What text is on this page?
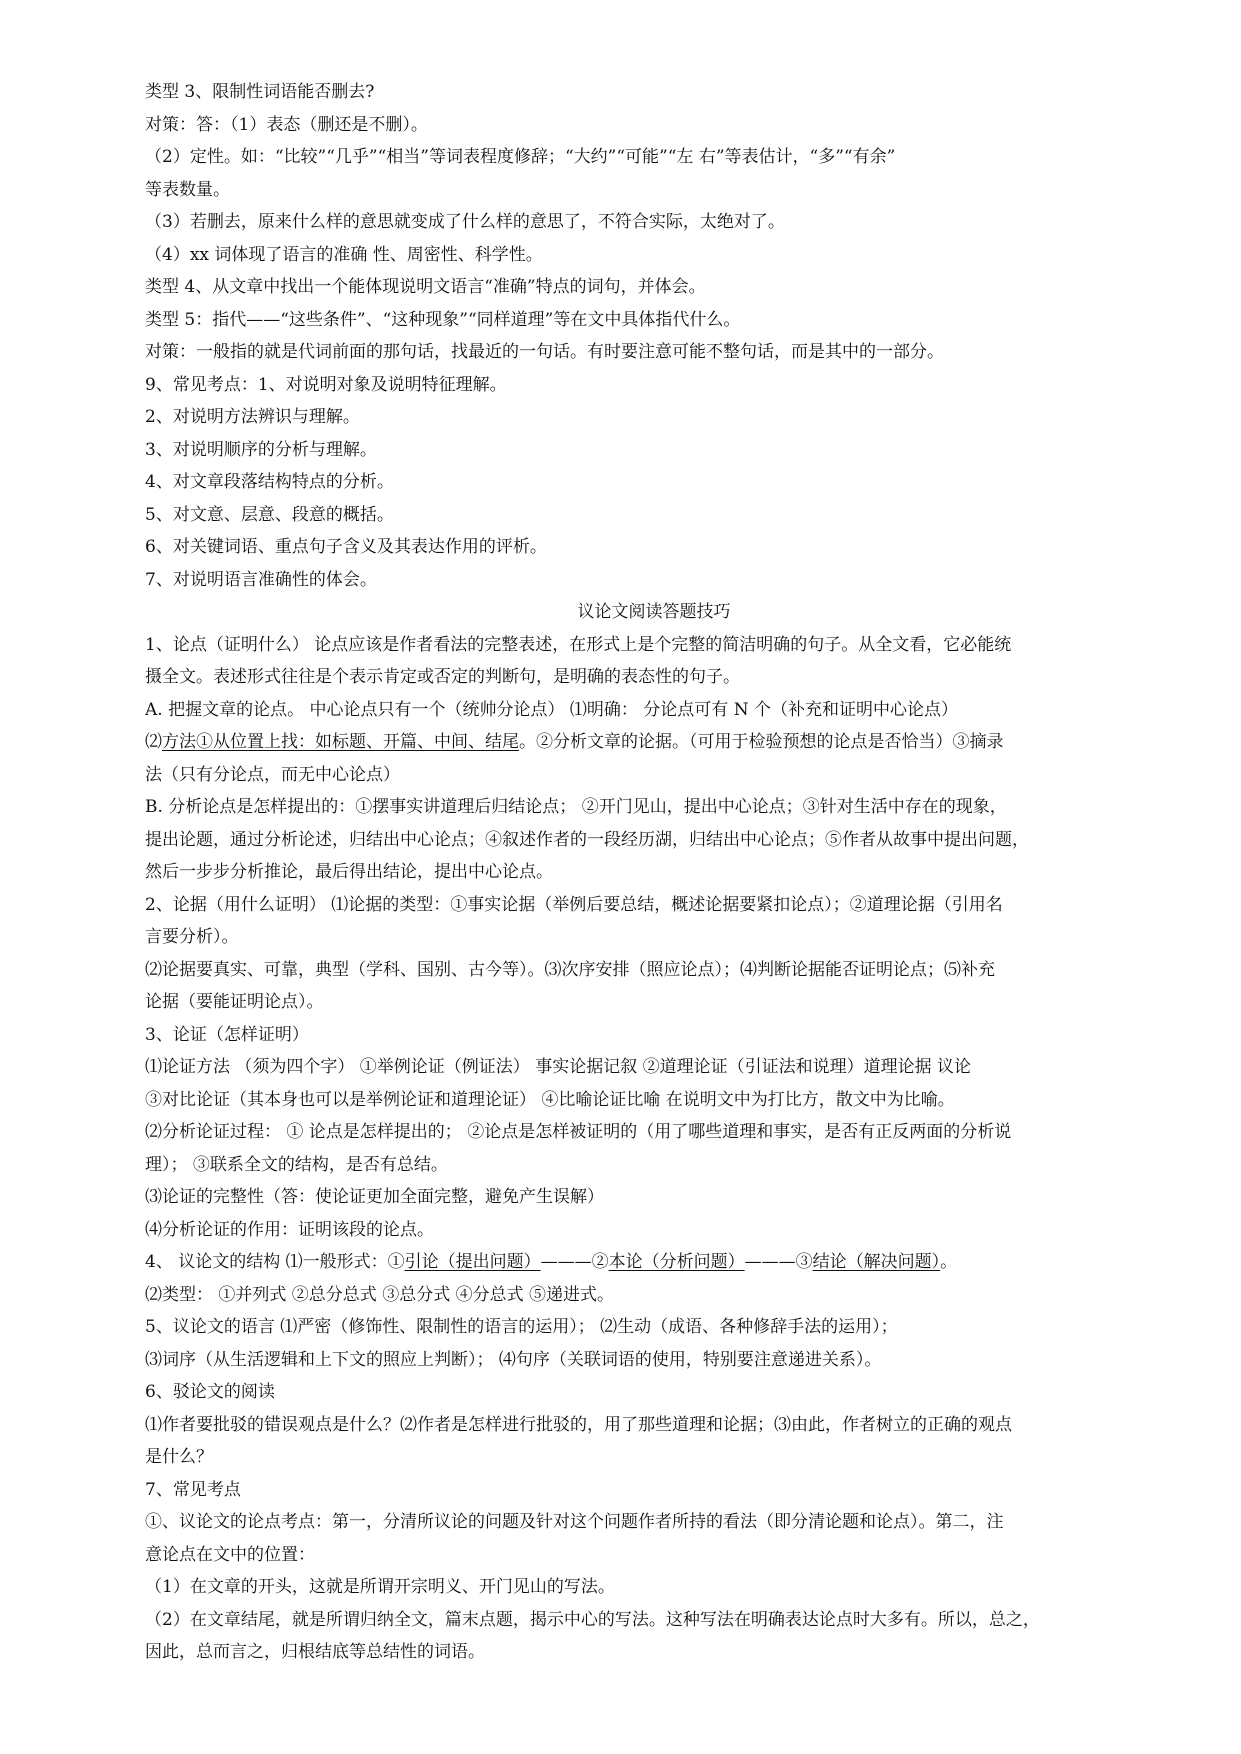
类型 3、限制性词语能否删去?
对策：答：（1）表态（删还是不删）。
（2）定性。如：“比较”“几乎”“相当”等词表程度修辞；“大约”“可能”“左 右”等表估计，“多”“有余”
等表数量。
（3）若删去，原来什么样的意思就变成了什么样的意思了，不符合实际，太绝对了。
（4）xx 词体现了语言的准确 性、周密性、科学性。
类型 4、从文章中找出一个能体现说明文语言“准确”特点的词句，并体会。
类型 5：指代——“这些条件”、“这种现象”“同样道理”等在文中具体指代什么。
对策：一般指的就是代词前面的那句话，找最近的一句话。有时要注意可能不整句话，而是其中的一部分。
9、常见考点：1、对说明对象及说明特征理解。
2、对说明方法辨识与理解。
3、对说明顺序的分析与理解。
4、对文章段落结构特点的分析。
5、对文意、层意、段意的概括。
6、对关键词语、重点句子含义及其表达作用的评析。
7、对说明语言准确性的体会。
议论文阅读答题技巧
1、论点（证明什么） 论点应该是作者看法的完整表述，在形式上是个完整的简洁明确的句子。从全文看，它必能统
摄全文。表述形式往往是个表示肯定或否定的判断句，是明确的表态性的句子。
A. 把握文章的论点。 中心论点只有一个（统帅分论点） ⑴明确： 分论点可有 N 个（补充和证明中心论点）
⑵方法①从位置上找：如标题、开篇、中间、结尾。②分析文章的论据。（可用于检验预想的论点是否恰当）③摘录
法（只有分论点，而无中心论点）
B. 分析论点是怎样提出的：①摆事实讲道理后归结论点； ②开门见山，提出中心论点；③针对生活中存在的现象，
提出论题，通过分析论述，归结出中心论点；④叙述作者的一段经历湖，归结出中心论点；⑤作者从故事中提出问题，
然后一步步分析推论，最后得出结论，提出中心论点。
2、论据（用什么证明） ⑴论据的类型：①事实论据（举例后要总结，概述论据要紧扣论点）；②道理论据（引用名
言要分析）。
⑵论据要真实、可靠，典型（学科、国别、古今等）。⑶次序安排（照应论点）；⑷判断论据能否证明论点；⑸补充
论据（要能证明论点）。
3、论证（怎样证明）
⑴论证方法 （须为四个字） ①举例论证（例证法） 事实论据记叙 ②道理论证（引证法和说理）道理论据 议论
③对比论证（其本身也可以是举例论证和道理论证） ④比喻论证比喻 在说明文中为打比方，散文中为比喻。
⑵分析论证过程： ① 论点是怎样提出的； ②论点是怎样被证明的（用了哪些道理和事实，是否有正反两面的分析说
理）； ③联系全文的结构，是否有总结。
⑶论证的完整性（答：使论证更加全面完整，避免产生误解）
⑷分析论证的作用：证明该段的论点。
4、 议论文的结构 ⑴一般形式：①引论（提出问题）———②本论（分析问题）———③结论（解决问题）。
⑵类型： ①并列式 ②总分总式 ③总分式 ④分总式 ⑤递进式。
5、议论文的语言 ⑴严密（修饰性、限制性的语言的运用）； ⑵生动（成语、各种修辞手法的运用）；
⑶词序（从生活逻辑和上下文的照应上判断）； ⑷句序（关联词语的使用，特别要注意递进关系）。
6、驳论文的阅读
⑴作者要批驳的错误观点是什么？⑵作者是怎样进行批驳的，用了那些道理和论据；⑶由此，作者树立的正确的观点
是什么？
7、常见考点
①、议论文的论点考点：第一，分清所议论的问题及针对这个问题作者所持的看法（即分清论题和论点）。第二，注
意论点在文中的位置：
（1）在文章的开头，这就是所谓开宗明义、开门见山的写法。
（2）在文章结尾，就是所谓归纳全文，篇末点题，揭示中心的写法。这种写法在明确表达论点时大多有。所以，总之，
因此，总而言之，归根结底等总结性的词语。
